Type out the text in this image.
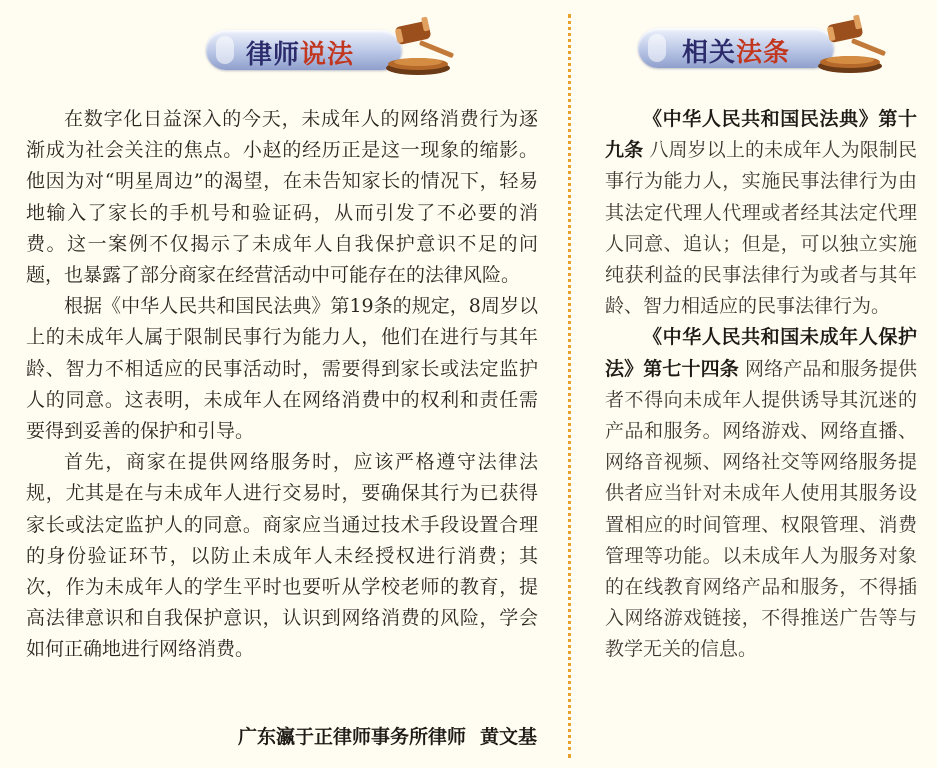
律师说法	相关法条

在数字化日益深入的今天，未成年人的网络消费行为逐渐成为社会关注的焦点。小赵的经历正是这一现象的缩影。他因为对“明星周边”的渴望，在未告知家长的情况下，轻易地输入了家长的手机号和验证码，从而引发了不必要的消费。这一案例不仅揭示了未成年人自我保护意识不足的问题，也暴露了部分商家在经营活动中可能存在的法律风险。

根据《中华人民共和国民法典》第19条的规定，8周岁以上的未成年人属于限制民事行为能力人，他们在进行与其年龄、智力不相适应的民事活动时，需要得到家长或法定监护人的同意。这表明，未成年人在网络消费中的权利和责任需要得到妥善的保护和引导。

首先，商家在提供网络服务时，应该严格遵守法律法规，尤其是在与未成年人进行交易时，要确保其行为已获得家长或法定监护人的同意。商家应当通过技术手段设置合理的身份验证环节，以防止未成年人未经授权进行消费；其次，作为未成年人的学生平时也要听从学校老师的教育，提高法律意识和自我保护意识，认识到网络消费的风险，学会如何正确地进行网络消费。

广东瀛于正律师事务所律师 黄文基

《中华人民共和国民法典》第十九条 八周岁以上的未成年人为限制民事行为能力人，实施民事法律行为由其法定代理人代理或者经其法定代理人同意、追认；但是，可以独立实施纯获利益的民事法律行为或者与其年龄、智力相适应的民事法律行为。

《中华人民共和国未成年人保护法》第七十四条 网络产品和服务提供者不得向未成年人提供诱导其沉迷的产品和服务。网络游戏、网络直播、网络音视频、网络社交等网络服务提供者应当针对未成年人使用其服务设置相应的时间管理、权限管理、消费管理等功能。以未成年人为服务对象的在线教育网络产品和服务，不得插入网络游戏链接，不得推送广告等与教学无关的信息。
